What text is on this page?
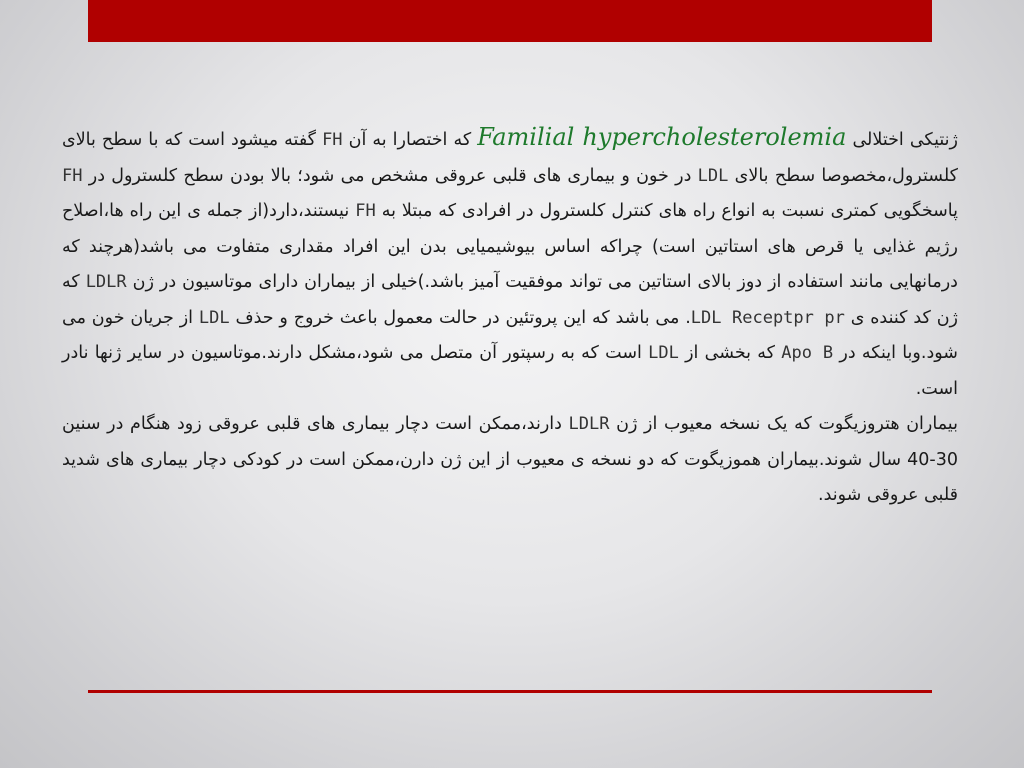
ژنتیکی اختلالی Familial hypercholesterolemia که اختصارا به آن FH گفته میشود است که با سطح بالای کلسترول،مخصوصا سطح بالای LDL در خون و بیماری های قلبی عروقی مشخص می شود؛ بالا بودن سطح کلسترول در FH پاسخگویی کمتری نسبت به انواع راه های کنترل کلسترول در افرادی که مبتلا به FH نیستند،دارد(از جمله ی این راه ها،اصلاح رژیم غذایی یا قرص های استاتین است) چراکه اساس بیوشیمیایی بدن این افراد مقداری متفاوت می باشد(هرچند که درمانهایی مانند استفاده از دوز بالای استاتین می تواند موفقیت آمیز باشد.)خیلی از بیماران دارای موتاسیون در ژن LDLR که ژن کد کننده ی LDL Receptpr pr. می باشد که این پروتئین در حالت معمول باعث خروج و حذف LDL از جریان خون می شود.وبا اینکه در Apo B که بخشی از LDL است که به رسپتور آن متصل می شود،مشکل دارند.موتاسیون در سایر ژنها نادر است.

بیماران هتروزیگوت که یک نسخه معیوب از ژن LDLR دارند،ممکن است دچار بیماری های قلبی عروقی زود هنگام در سنین 30-40 سال شوند.بیماران هموزیگوت که دو نسخه ی معیوب از این ژن دارن،ممکن است در کودکی دچار بیماری های شدید قلبی عروقی شوند.
